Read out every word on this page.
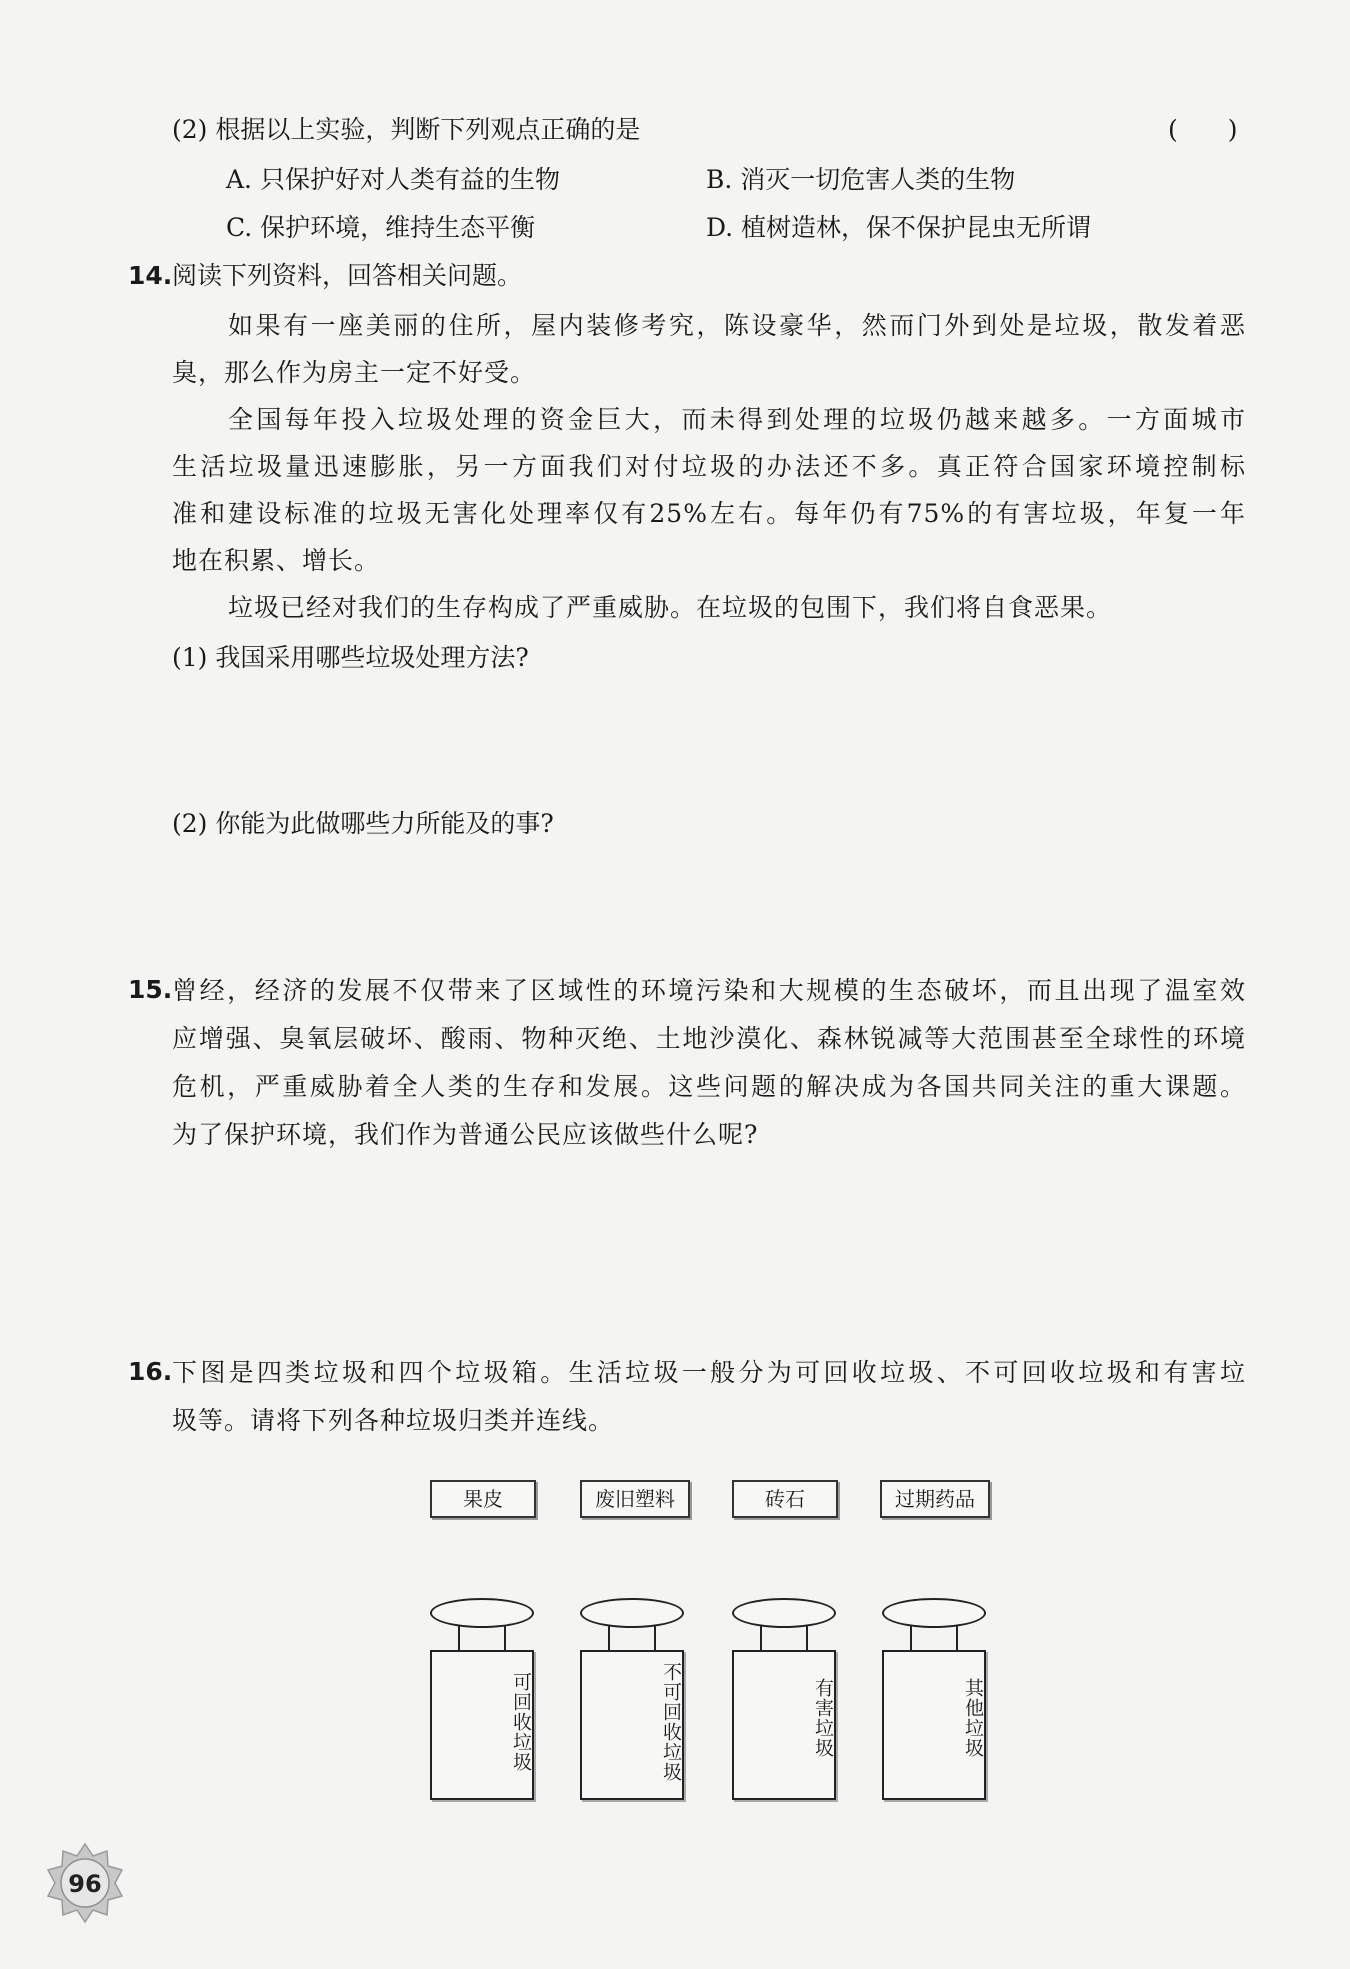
(2) 根据以上实验，判断下列观点正确的是	(　　)
A. 只保护好对人类有益的生物	B. 消灭一切危害人类的生物
C. 保护环境，维持生态平衡	D. 植树造林，保不保护昆虫无所谓
14. 阅读下列资料，回答相关问题。
如果有一座美丽的住所，屋内装修考究，陈设豪华，然而门外到处是垃圾，散发着恶
臭，那么作为房主一定不好受。
全国每年投入垃圾处理的资金巨大，而未得到处理的垃圾仍越来越多。一方面城市
生活垃圾量迅速膨胀，另一方面我们对付垃圾的办法还不多。真正符合国家环境控制标
准和建设标准的垃圾无害化处理率仅有25%左右。每年仍有75%的有害垃圾，年复一年
地在积累、增长。
垃圾已经对我们的生存构成了严重威胁。在垃圾的包围下，我们将自食恶果。
(1) 我国采用哪些垃圾处理方法?
(2) 你能为此做哪些力所能及的事?
15. 曾经，经济的发展不仅带来了区域性的环境污染和大规模的生态破坏，而且出现了温室效
应增强、臭氧层破坏、酸雨、物种灭绝、土地沙漠化、森林锐减等大范围甚至全球性的环境
危机，严重威胁着全人类的生存和发展。这些问题的解决成为各国共同关注的重大课题。
为了保护环境，我们作为普通公民应该做些什么呢?
16. 下图是四类垃圾和四个垃圾箱。生活垃圾一般分为可回收垃圾、不可回收垃圾和有害垃
圾等。请将下列各种垃圾归类并连线。
果皮	废旧塑料	砖石	过期药品
可回收垃圾	不可回收垃圾	有害垃圾	其他垃圾
96
